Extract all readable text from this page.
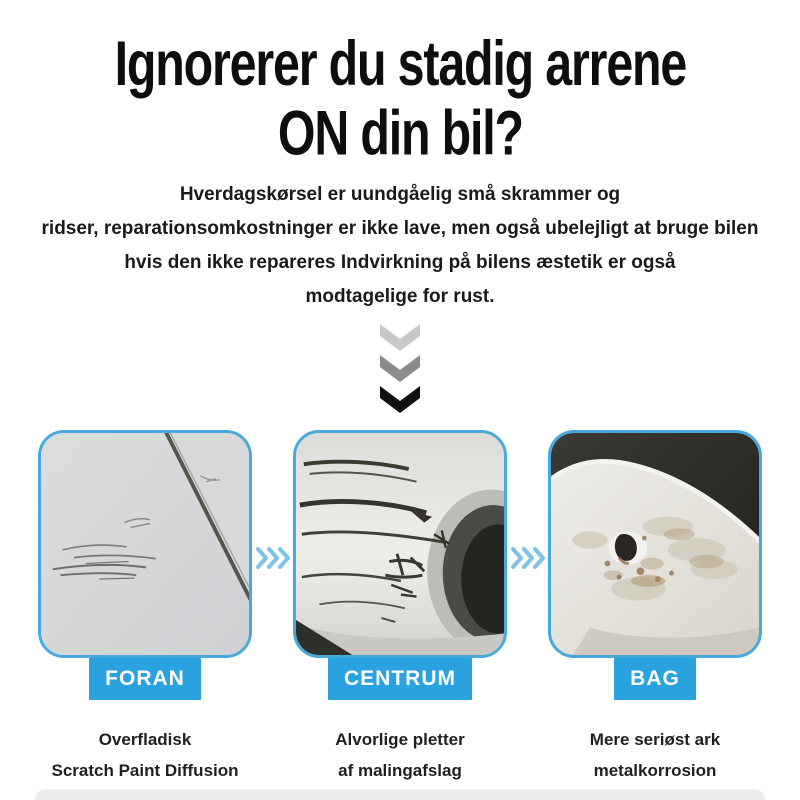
Ignorerer du stadig arrene
ON din bil?
Hverdagskørsel er uundgåelig små skrammer og
ridser, reparationsomkostninger er ikke lave, men også ubelejligt at bruge bilen
hvis den ikke repareres Indvirkning på bilens æstetik er også
modtagelige for rust.
FORAN
Overfladisk
Scratch Paint Diffusion
CENTRUM
Alvorlige pletter
af malingafslag
BAG
Mere seriøst ark
metalkorrosion
